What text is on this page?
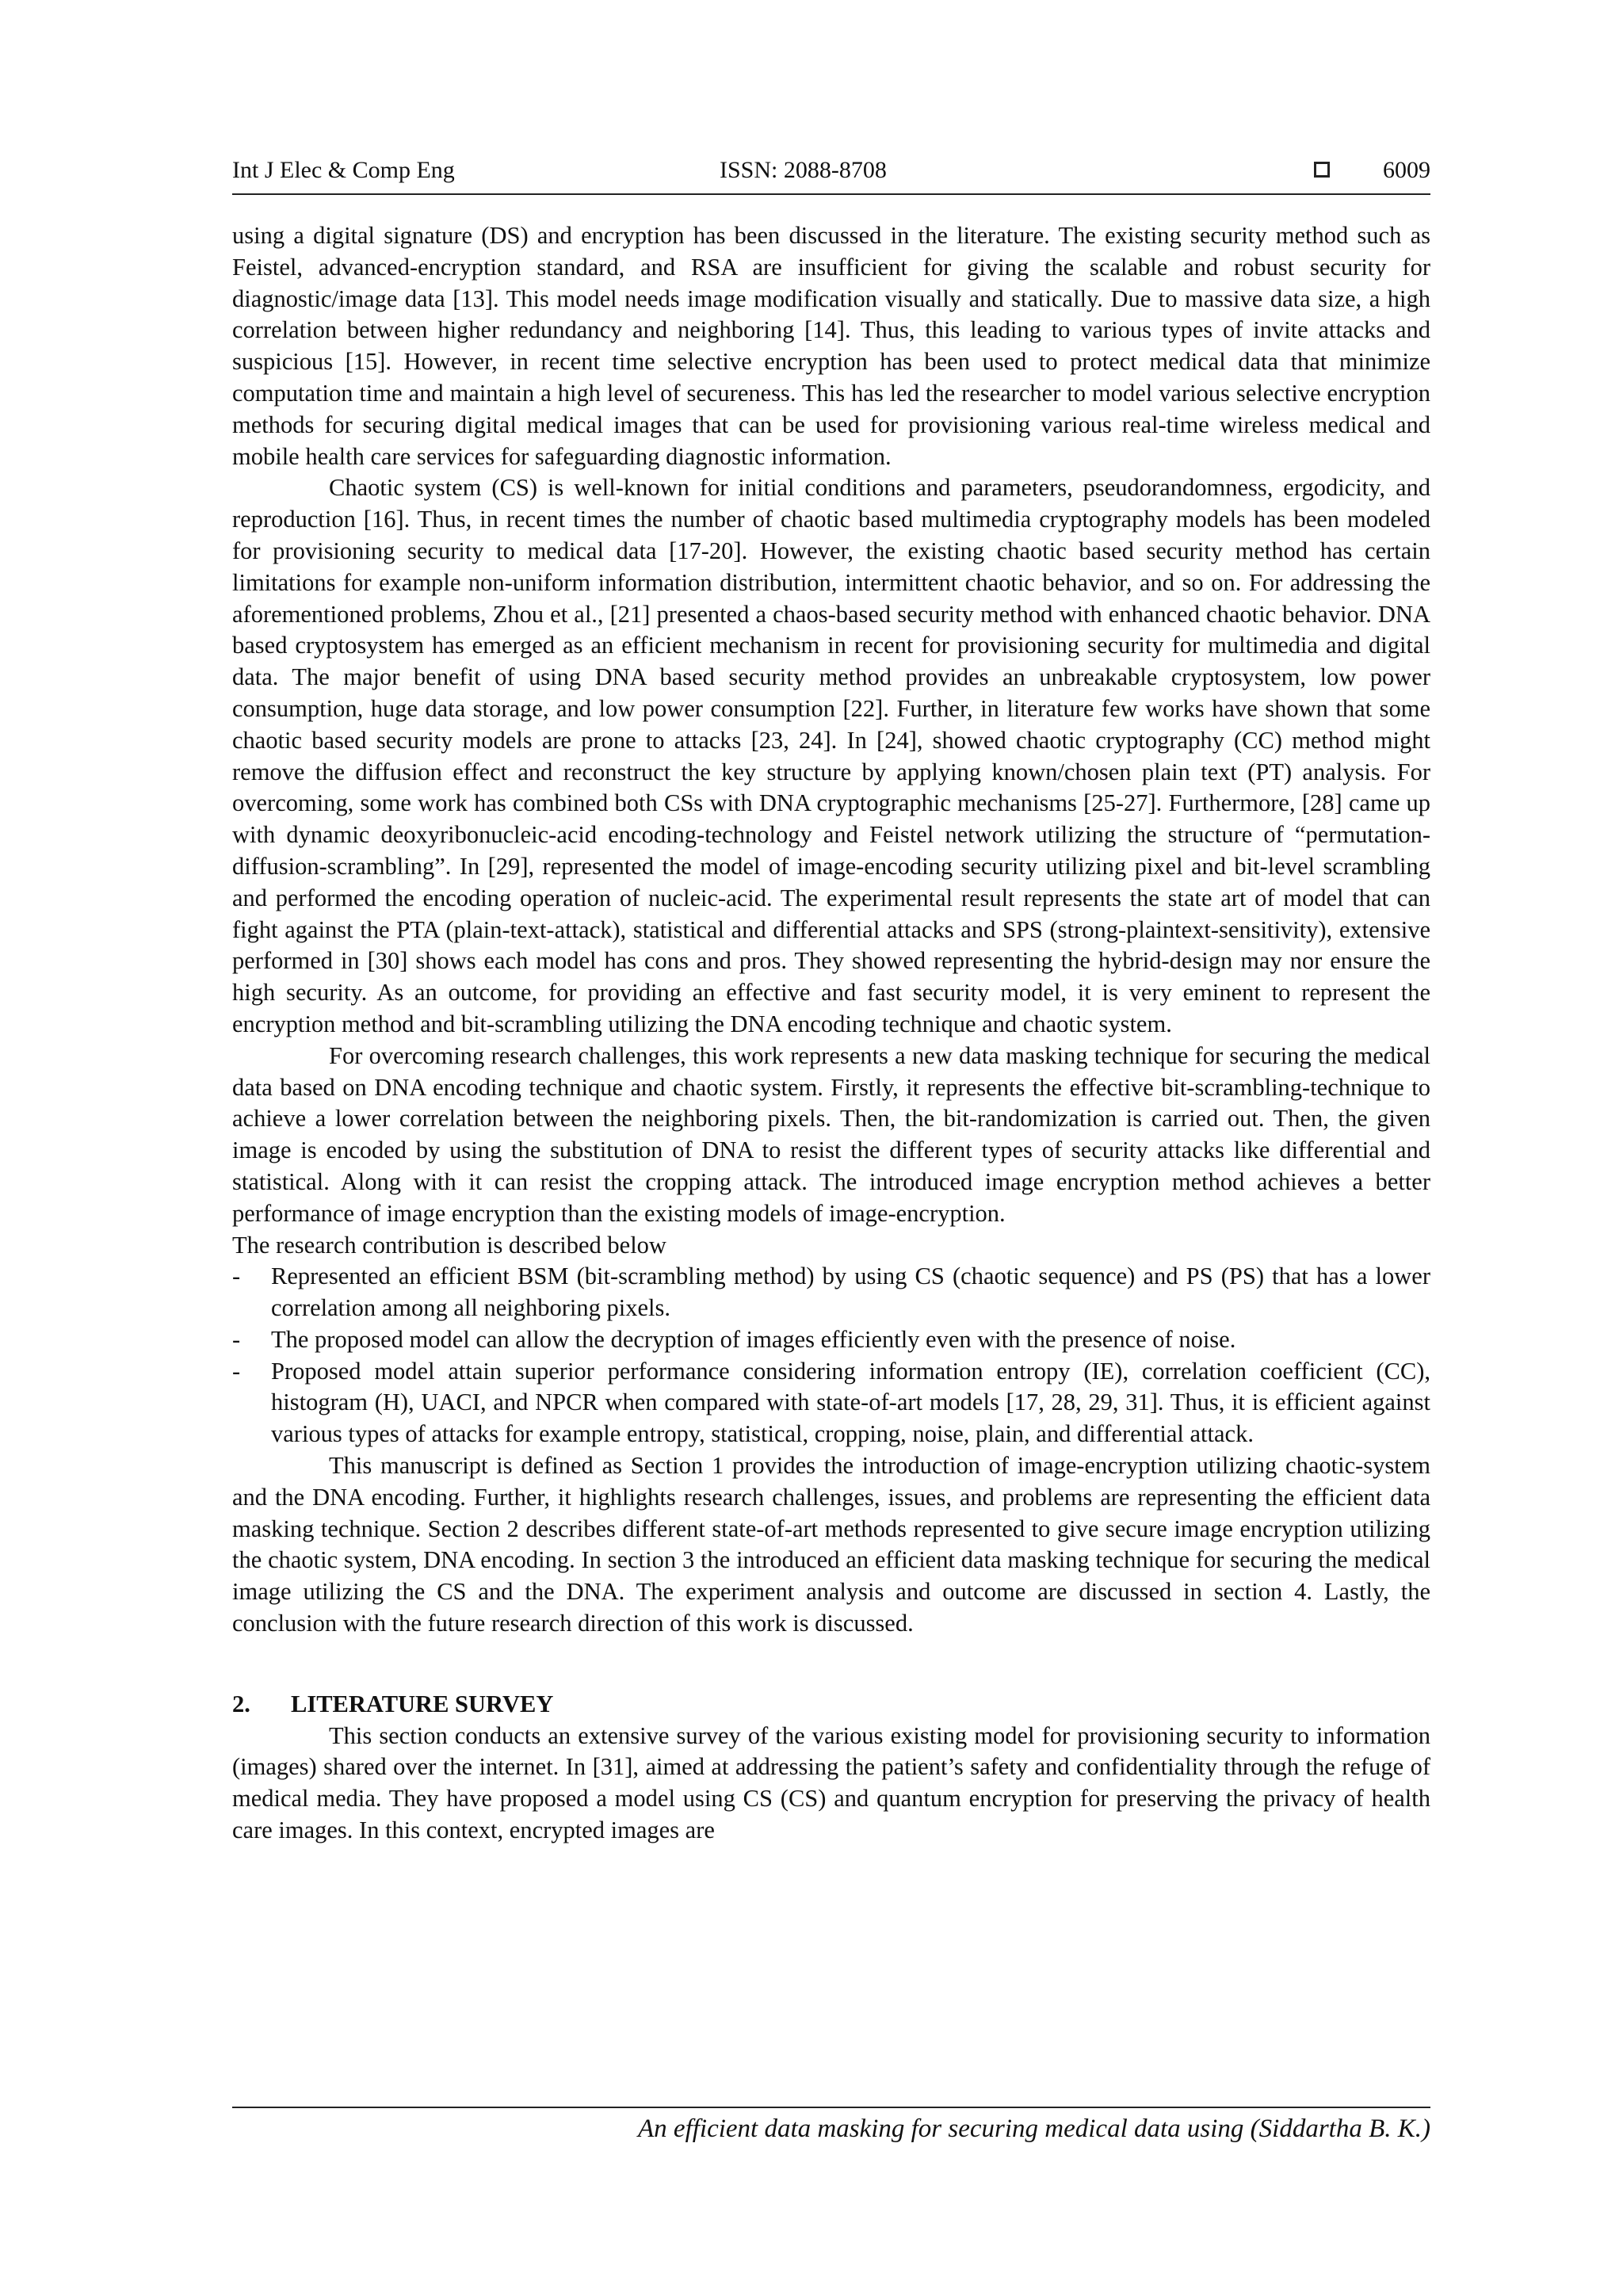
Int J Elec & Comp Eng	ISSN: 2088-8708	6009

using a digital signature (DS) and encryption has been discussed in the literature. The existing security method such as Feistel, advanced-encryption standard, and RSA are insufficient for giving the scalable and robust security for diagnostic/image data [13]. This model needs image modification visually and statically. Due to massive data size, a high correlation between higher redundancy and neighboring [14]. Thus, this leading to various types of invite attacks and suspicious [15]. However, in recent time selective encryption has been used to protect medical data that minimize computation time and maintain a high level of secureness. This has led the researcher to model various selective encryption methods for securing digital medical images that can be used for provisioning various real-time wireless medical and mobile health care services for safeguarding diagnostic information.

Chaotic system (CS) is well-known for initial conditions and parameters, pseudorandomness, ergodicity, and reproduction [16]. Thus, in recent times the number of chaotic based multimedia cryptography models has been modeled for provisioning security to medical data [17-20]. However, the existing chaotic based security method has certain limitations for example non-uniform information distribution, intermittent chaotic behavior, and so on. For addressing the aforementioned problems, Zhou et al., [21] presented a chaos-based security method with enhanced chaotic behavior. DNA based cryptosystem has emerged as an efficient mechanism in recent for provisioning security for multimedia and digital data. The major benefit of using DNA based security method provides an unbreakable cryptosystem, low power consumption, huge data storage, and low power consumption [22]. Further, in literature few works have shown that some chaotic based security models are prone to attacks [23, 24]. In [24], showed chaotic cryptography (CC) method might remove the diffusion effect and reconstruct the key structure by applying known/chosen plain text (PT) analysis. For overcoming, some work has combined both CSs with DNA cryptographic mechanisms [25-27]. Furthermore, [28] came up with dynamic deoxyribonucleic-acid encoding-technology and Feistel network utilizing the structure of “permutation-diffusion-scrambling”. In [29], represented the model of image-encoding security utilizing pixel and bit-level scrambling and performed the encoding operation of nucleic-acid. The experimental result represents the state art of model that can fight against the PTA (plain-text-attack), statistical and differential attacks and SPS (strong-plaintext-sensitivity), extensive performed in [30] shows each model has cons and pros. They showed representing the hybrid-design may nor ensure the high security. As an outcome, for providing an effective and fast security model, it is very eminent to represent the encryption method and bit-scrambling utilizing the DNA encoding technique and chaotic system.

For overcoming research challenges, this work represents a new data masking technique for securing the medical data based on DNA encoding technique and chaotic system. Firstly, it represents the effective bit-scrambling-technique to achieve a lower correlation between the neighboring pixels. Then, the bit-randomization is carried out. Then, the given image is encoded by using the substitution of DNA to resist the different types of security attacks like differential and statistical. Along with it can resist the cropping attack. The introduced image encryption method achieves a better performance of image encryption than the existing models of image-encryption.

The research contribution is described below

- Represented an efficient BSM (bit-scrambling method) by using CS (chaotic sequence) and PS (PS) that has a lower correlation among all neighboring pixels.
- The proposed model can allow the decryption of images efficiently even with the presence of noise.
- Proposed model attain superior performance considering information entropy (IE), correlation coefficient (CC), histogram (H), UACI, and NPCR when compared with state-of-art models [17, 28, 29, 31]. Thus, it is efficient against various types of attacks for example entropy, statistical, cropping, noise, plain, and differential attack.

This manuscript is defined as Section 1 provides the introduction of image-encryption utilizing chaotic-system and the DNA encoding. Further, it highlights research challenges, issues, and problems are representing the efficient data masking technique. Section 2 describes different state-of-art methods represented to give secure image encryption utilizing the chaotic system, DNA encoding. In section 3 the introduced an efficient data masking technique for securing the medical image utilizing the CS and the DNA. The experiment analysis and outcome are discussed in section 4. Lastly, the conclusion with the future research direction of this work is discussed.

2.	LITERATURE SURVEY

This section conducts an extensive survey of the various existing model for provisioning security to information (images) shared over the internet. In [31], aimed at addressing the patient’s safety and confidentiality through the refuge of medical media. They have proposed a model using CS (CS) and quantum encryption for preserving the privacy of health care images. In this context, encrypted images are

An efficient data masking for securing medical data using (Siddartha B. K.)
